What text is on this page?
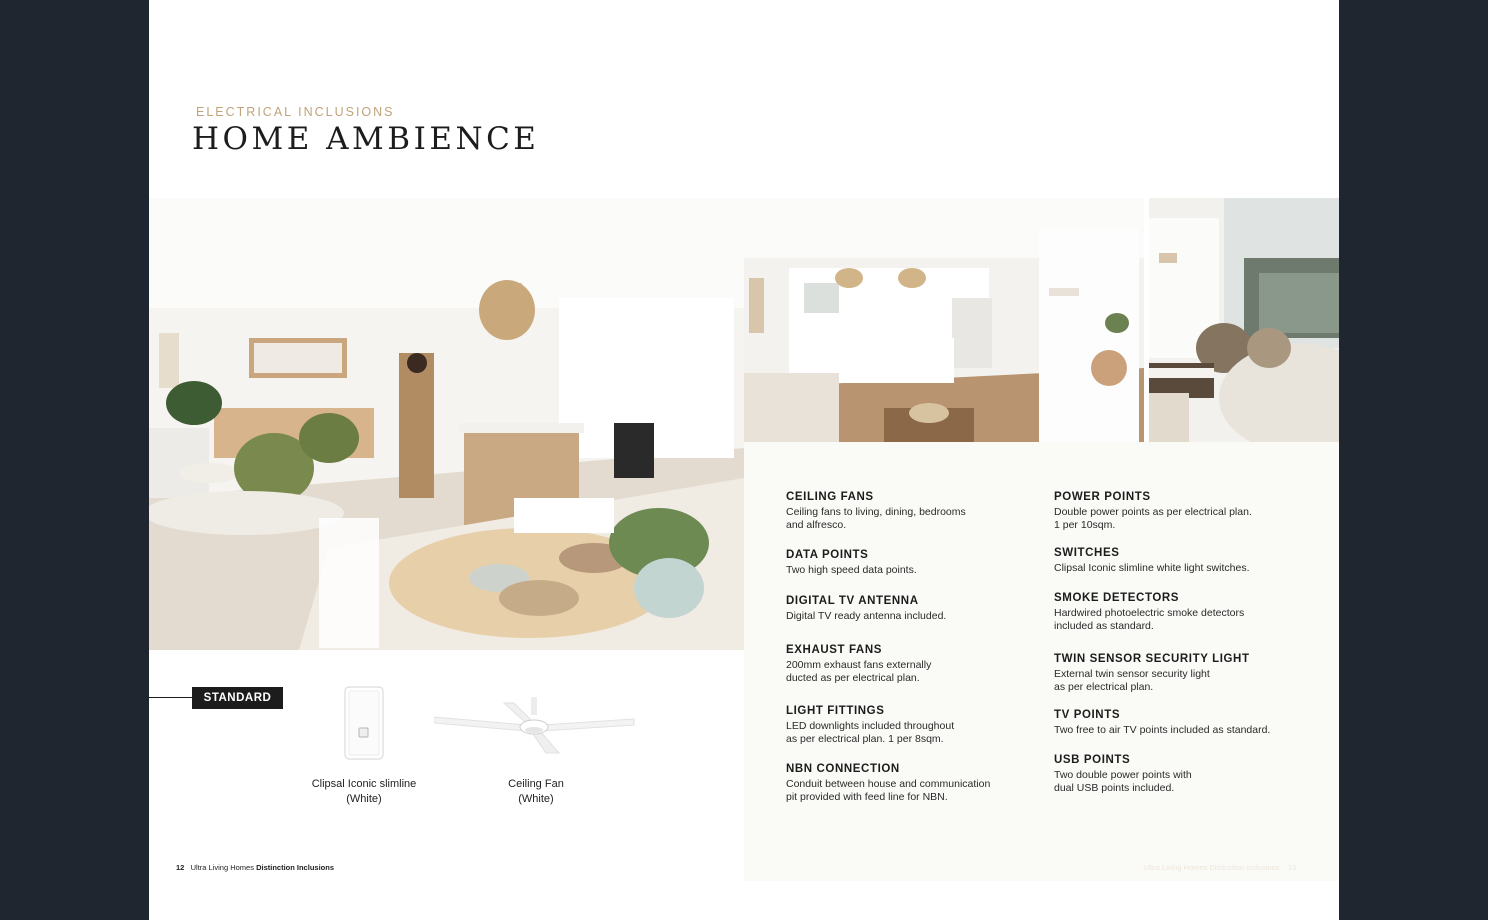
ELECTRICAL INCLUSIONS
HOME AMBIENCE
STANDARD
Clipsal Iconic slimline
(White)
Ceiling Fan
(White)
CEILING FANS
Ceiling fans to living, dining, bedrooms
and alfresco.
DATA POINTS
Two high speed data points.
DIGITAL TV ANTENNA
Digital TV ready antenna included.
EXHAUST FANS
200mm exhaust fans externally
ducted as per electrical plan.
LIGHT FITTINGS
LED downlights included throughout
as per electrical plan. 1 per 8sqm.
NBN CONNECTION
Conduit between house and communication
pit provided with feed line for NBN.
POWER POINTS
Double power points as per electrical plan.
1 per 10sqm.
SWITCHES
Clipsal Iconic slimline white light switches.
SMOKE DETECTORS
Hardwired photoelectric smoke detectors
included as standard.
TWIN SENSOR SECURITY LIGHT
External twin sensor security light
as per electrical plan.
TV POINTS
Two free to air TV points included as standard.
USB POINTS
Two double power points with
dual USB points included.
12 Ultra Living Homes Distinction Inclusions	Ultra Living Homes Distinction Inclusions 13
